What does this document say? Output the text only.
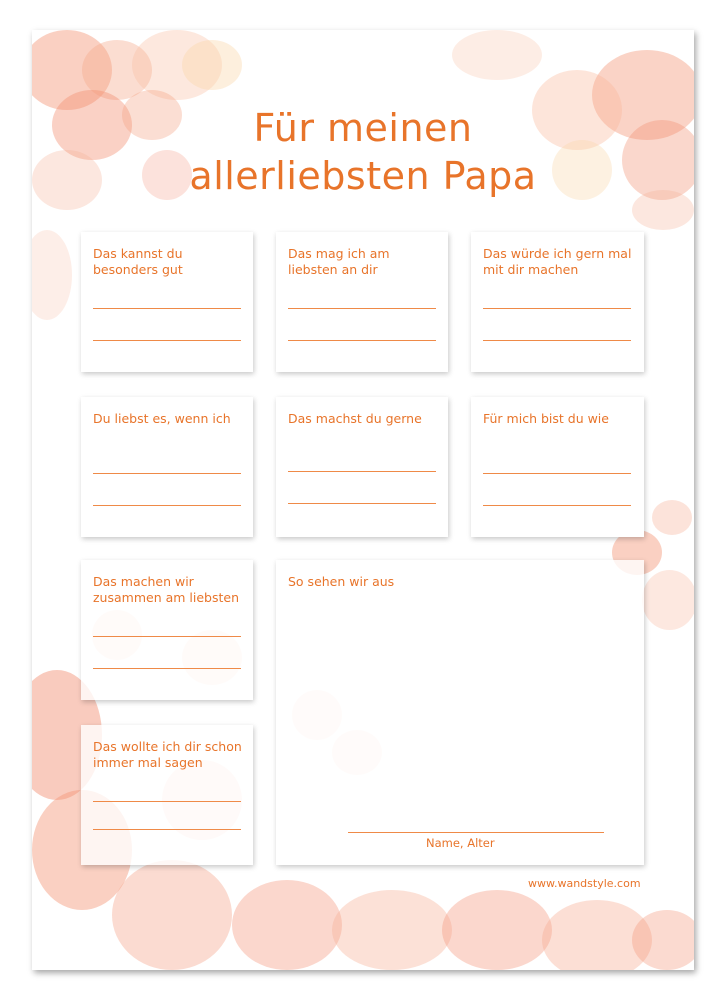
Für meinen
allerliebsten Papa
Das kannst du besonders gut
Das mag ich am liebsten an dir
Das würde ich gern mal mit dir machen
Du liebst es, wenn ich	Das machst du gerne	Für mich bist du wie
Das machen wir zusammen am liebsten
Das wollte ich dir schon immer mal sagen
So sehen wir aus
Name, Alter
www.wandstyle.com
